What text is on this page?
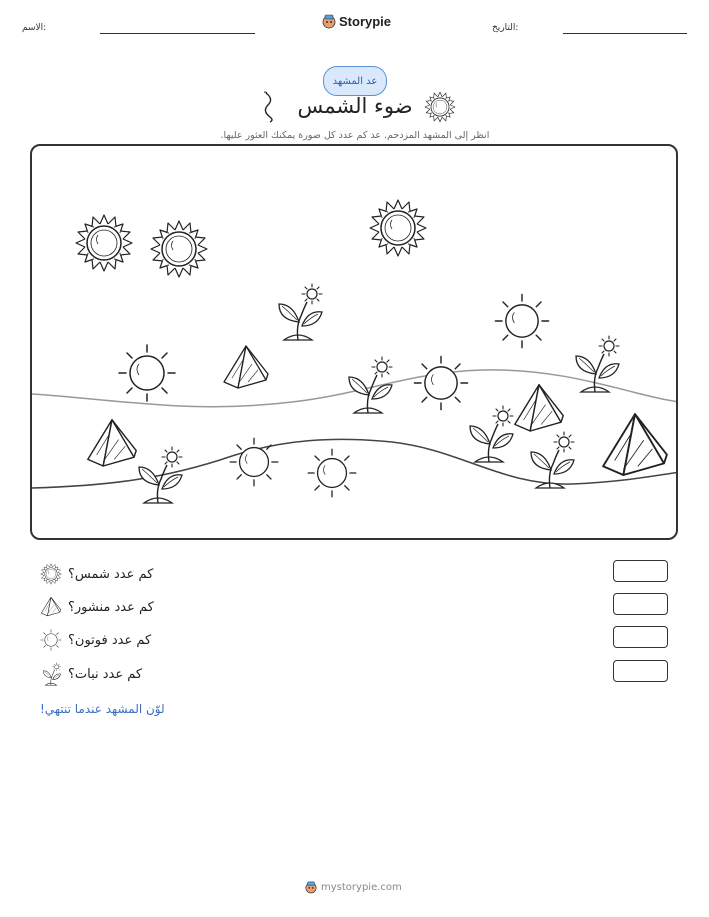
الاسم:	Storypie	التاريخ:
عد المشهد
ضوء الشمس
انظر إلى المشهد المزدحم. عد كم عدد كل صورة يمكنك العثور عليها.
كم عدد شمس؟
كم عدد منشور؟
كم عدد فوتون؟
كم عدد نبات؟
لوّن المشهد عندما تنتهي!
mystorypie.com
